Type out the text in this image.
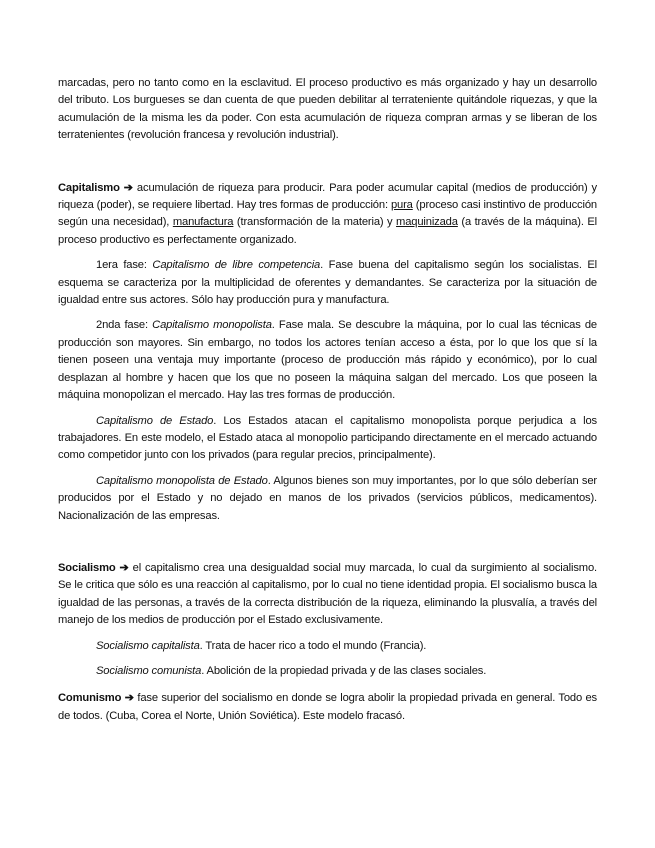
marcadas, pero no tanto como en la esclavitud. El proceso productivo es más organizado y hay un desarrollo del tributo. Los burgueses se dan cuenta de que pueden debilitar al terrateniente quitándole riquezas, y que la acumulación de la misma les da poder. Con esta acumulación de riqueza compran armas y se liberan de los terratenientes (revolución francesa y revolución industrial).

Capitalismo ➔ acumulación de riqueza para producir. Para poder acumular capital (medios de producción) y riqueza (poder), se requiere libertad. Hay tres formas de producción: pura (proceso casi instintivo de producción según una necesidad), manufactura (transformación de la materia) y maquinizada (a través de la máquina). El proceso productivo es perfectamente organizado.

1era fase: Capitalismo de libre competencia. Fase buena del capitalismo según los socialistas. El esquema se caracteriza por la multiplicidad de oferentes y demandantes. Se caracteriza por la situación de igualdad entre sus actores. Sólo hay producción pura y manufactura.

2nda fase: Capitalismo monopolista. Fase mala. Se descubre la máquina, por lo cual las técnicas de producción son mayores. Sin embargo, no todos los actores tenían acceso a ésta, por lo que los que sí la tienen poseen una ventaja muy importante (proceso de producción más rápido y económico), por lo cual desplazan al hombre y hacen que los que no poseen la máquina salgan del mercado. Los que poseen la máquina monopolizan el mercado. Hay las tres formas de producción.

Capitalismo de Estado. Los Estados atacan el capitalismo monopolista porque perjudica a los trabajadores. En este modelo, el Estado ataca al monopolio participando directamente en el mercado actuando como competidor junto con los privados (para regular precios, principalmente).

Capitalismo monopolista de Estado. Algunos bienes son muy importantes, por lo que sólo deberían ser producidos por el Estado y no dejado en manos de los privados (servicios públicos, medicamentos). Nacionalización de las empresas.

Socialismo ➔ el capitalismo crea una desigualdad social muy marcada, lo cual da surgimiento al socialismo. Se le critica que sólo es una reacción al capitalismo, por lo cual no tiene identidad propia. El socialismo busca la igualdad de las personas, a través de la correcta distribución de la riqueza, eliminando la plusvalía, a través del manejo de los medios de producción por el Estado exclusivamente.

Socialismo capitalista. Trata de hacer rico a todo el mundo (Francia).

Socialismo comunista. Abolición de la propiedad privada y de las clases sociales.

Comunismo ➔ fase superior del socialismo en donde se logra abolir la propiedad privada en general. Todo es de todos. (Cuba, Corea el Norte, Unión Soviética). Este modelo fracasó.
